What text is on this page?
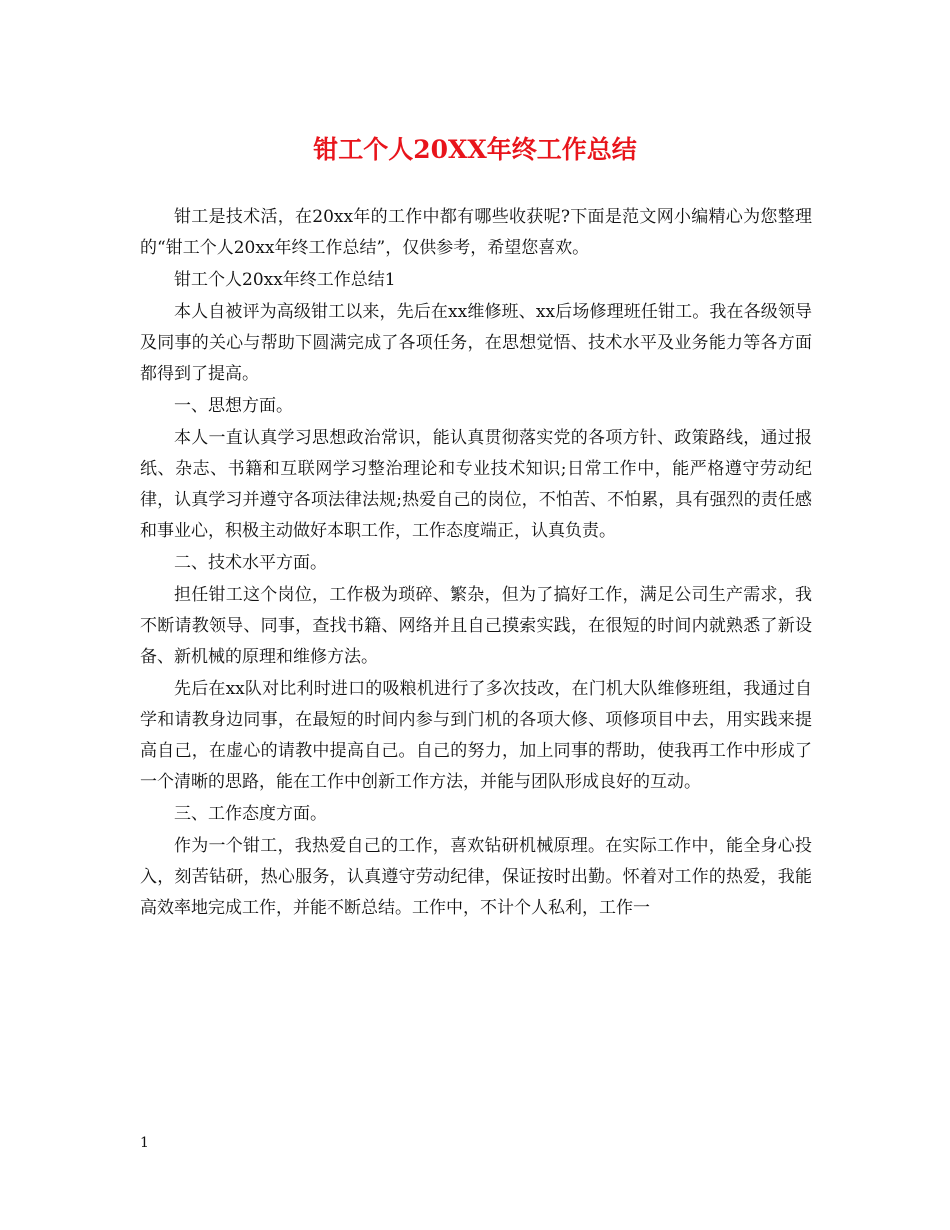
钳工个人20XX年终工作总结

钳工是技术活，在20xx年的工作中都有哪些收获呢?下面是范文网小编精心为您整理的“钳工个人20xx年终工作总结”，仅供参考，希望您喜欢。

钳工个人20xx年终工作总结1

本人自被评为高级钳工以来，先后在xx维修班、xx后场修理班任钳工。我在各级领导及同事的关心与帮助下圆满完成了各项任务，在思想觉悟、技术水平及业务能力等各方面都得到了提高。

一、思想方面。

本人一直认真学习思想政治常识，能认真贯彻落实党的各项方针、政策路线，通过报纸、杂志、书籍和互联网学习整治理论和专业技术知识;日常工作中，能严格遵守劳动纪律，认真学习并遵守各项法律法规;热爱自己的岗位，不怕苦、不怕累，具有强烈的责任感和事业心，积极主动做好本职工作，工作态度端正，认真负责。

二、技术水平方面。

担任钳工这个岗位，工作极为琐碎、繁杂，但为了搞好工作，满足公司生产需求，我不断请教领导、同事，查找书籍、网络并且自己摸索实践，在很短的时间内就熟悉了新设备、新机械的原理和维修方法。

先后在xx队对比利时进口的吸粮机进行了多次技改，在门机大队维修班组，我通过自学和请教身边同事，在最短的时间内参与到门机的各项大修、项修项目中去，用实践来提高自己，在虚心的请教中提高自己。自己的努力，加上同事的帮助，使我再工作中形成了一个清晰的思路，能在工作中创新工作方法，并能与团队形成良好的互动。

三、工作态度方面。

作为一个钳工，我热爱自己的工作，喜欢钻研机械原理。在实际工作中，能全身心投入，刻苦钻研，热心服务，认真遵守劳动纪律，保证按时出勤。怀着对工作的热爱，我能高效率地完成工作，并能不断总结。工作中，不计个人私利，工作一

1
